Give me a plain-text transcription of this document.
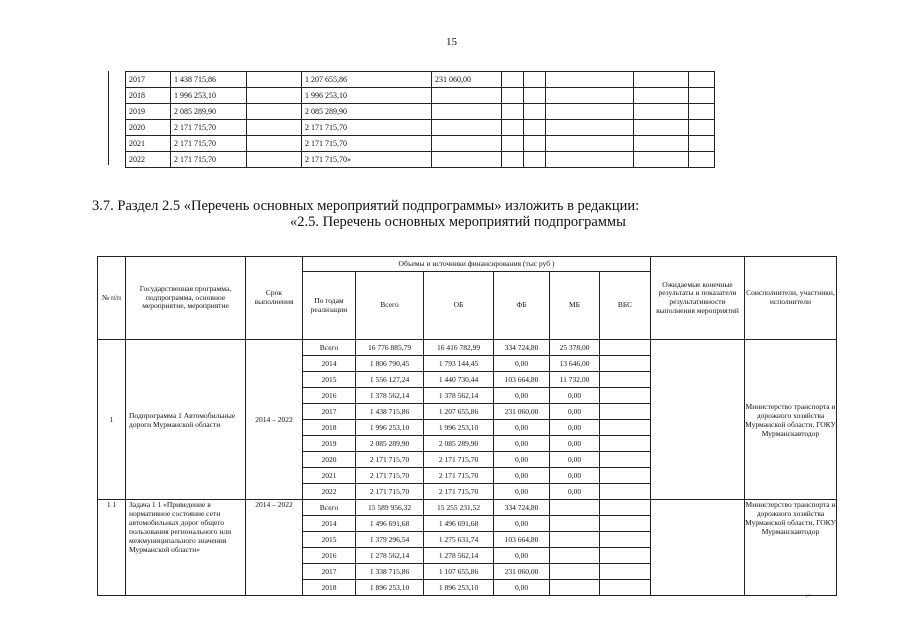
15
2017	1 438 715,86		1 207 655,86	231 060,00					
2018	1 996 253,10		1 996 253,10						
2019	2 085 289,90		2 085 289,90						
2020	2 171 715,70		2 171 715,70						
2021	2 171 715,70		2 171 715,70						
2022	2 171 715,70		2 171 715,70»						
3.7. Раздел 2.5 «Перечень основных мероприятий подпрограммы» изложить в редакции:
«2.5. Перечень основных мероприятий подпрограммы
№ п/п	Государственная программа, подпрограмма, основное мероприятие, мероприятие	Срок выполнения	Объемы и источники финансирования (тыс руб )						Ожидаемые конечные результаты и показатели результативности выполнения мероприятий	Соисполнители, участники, исполнители
			По годам реализации	Всего	ОБ	ФБ	МБ	ВБС		
1	Подпрограмма 1 Автомобильные дороги Мурманской области	2014 – 2022	Всего	16 776 885,79	16 416 782,99	334 724,80	25 378,00			Министерство транспорта и дорожного хозяйства Мурманской области, ГОКУ Мурманскавтодор
			2014	1 806 790,45	1 793 144,45	0,00	13 646,00			
			2015	1 556 127,24	1 440 730,44	103 664,80	11 732,00			
			2016	1 378 562,14	1 378 562,14	0,00	0,00			
			2017	1 438 715,86	1 207 655,86	231 060,00	0,00			
			2018	1 996 253,10	1 996 253,10	0,00	0,00			
			2019	2 085 289,90	2 085 289,90	0,00	0,00			
			2020	2 171 715,70	2 171 715,70	0,00	0,00			
			2021	2 171 715,70	2 171 715,70	0,00	0,00			
			2022	2 171 715,70	2 171 715,70	0,00	0,00			
1 1	Задача 1 1 «Приведение в нормативное состояние сети автомобильных дорог общего пользования регионального или межмуниципального значения Мурманской области»	2014 – 2022	Всего	15 589 956,32	15 255 231,52	334 724,80				Министерство транспорта и дорожного хозяйства Мурманской области, ГОКУ Мурманскавтодор
			2014	1 496 691,68	1 496 691,68	0,00				
			2015	1 379 296,54	1 275 631,74	103 664,80				
			2016	1 278 562,14	1 278 562,14	0,00				
			2017	1 338 715,86	1 107 655,86	231 060,00				
			2018	1 896 253,10	1 896 253,10	0,00				
⌐
